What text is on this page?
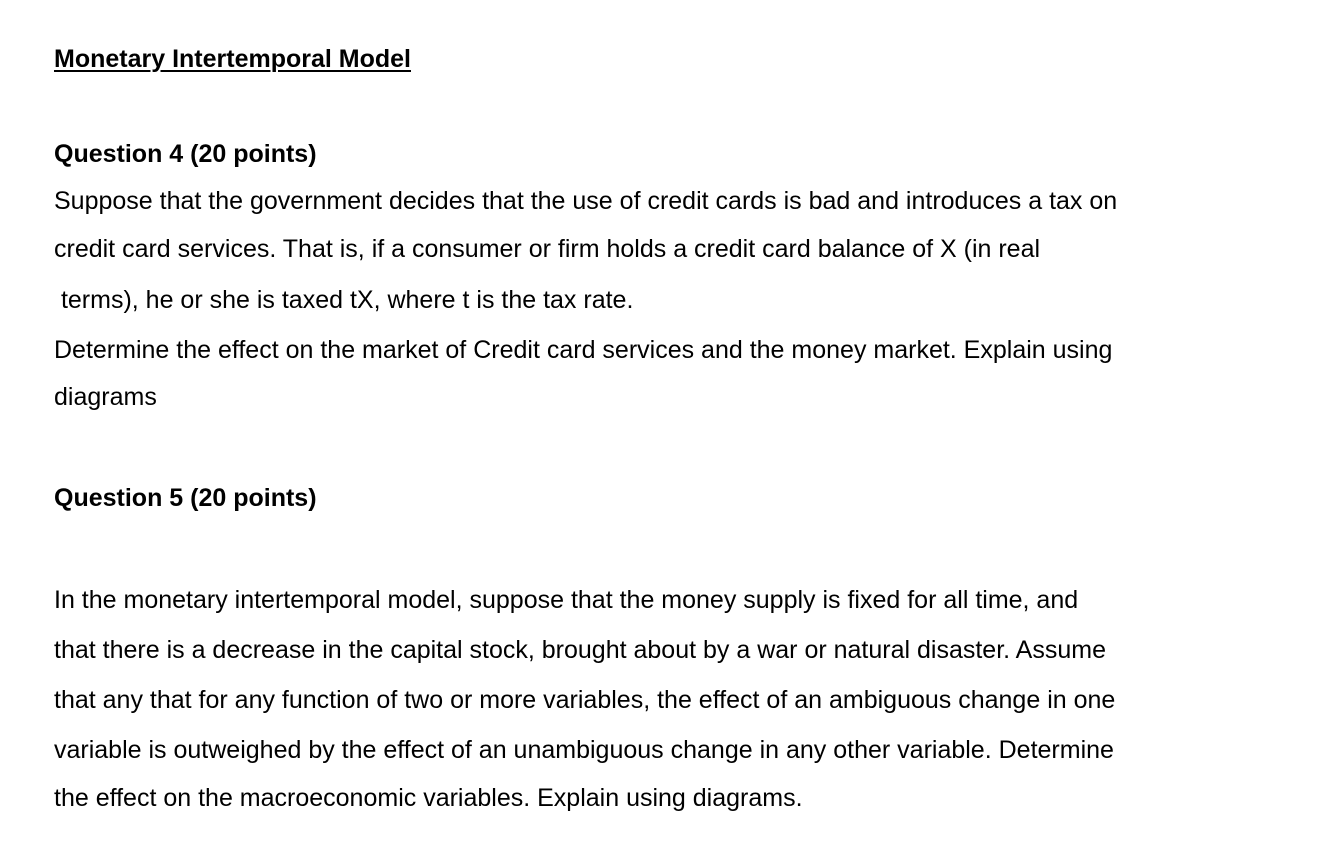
Monetary Intertemporal Model
Question 4 (20 points)
Suppose that the government decides that the use of credit cards is bad and introduces a tax on
credit card services. That is, if a consumer or firm holds a credit card balance of X (in real
terms), he or she is taxed tX, where t is the tax rate.
Determine the effect on the market of Credit card services and the money market. Explain using
diagrams
Question 5 (20 points)
In the monetary intertemporal model, suppose that the money supply is fixed for all time, and
that there is a decrease in the capital stock, brought about by a war or natural disaster. Assume
that any that for any function of two or more variables, the effect of an ambiguous change in one
variable is outweighed by the effect of an unambiguous change in any other variable. Determine
the effect on the macroeconomic variables. Explain using diagrams.
